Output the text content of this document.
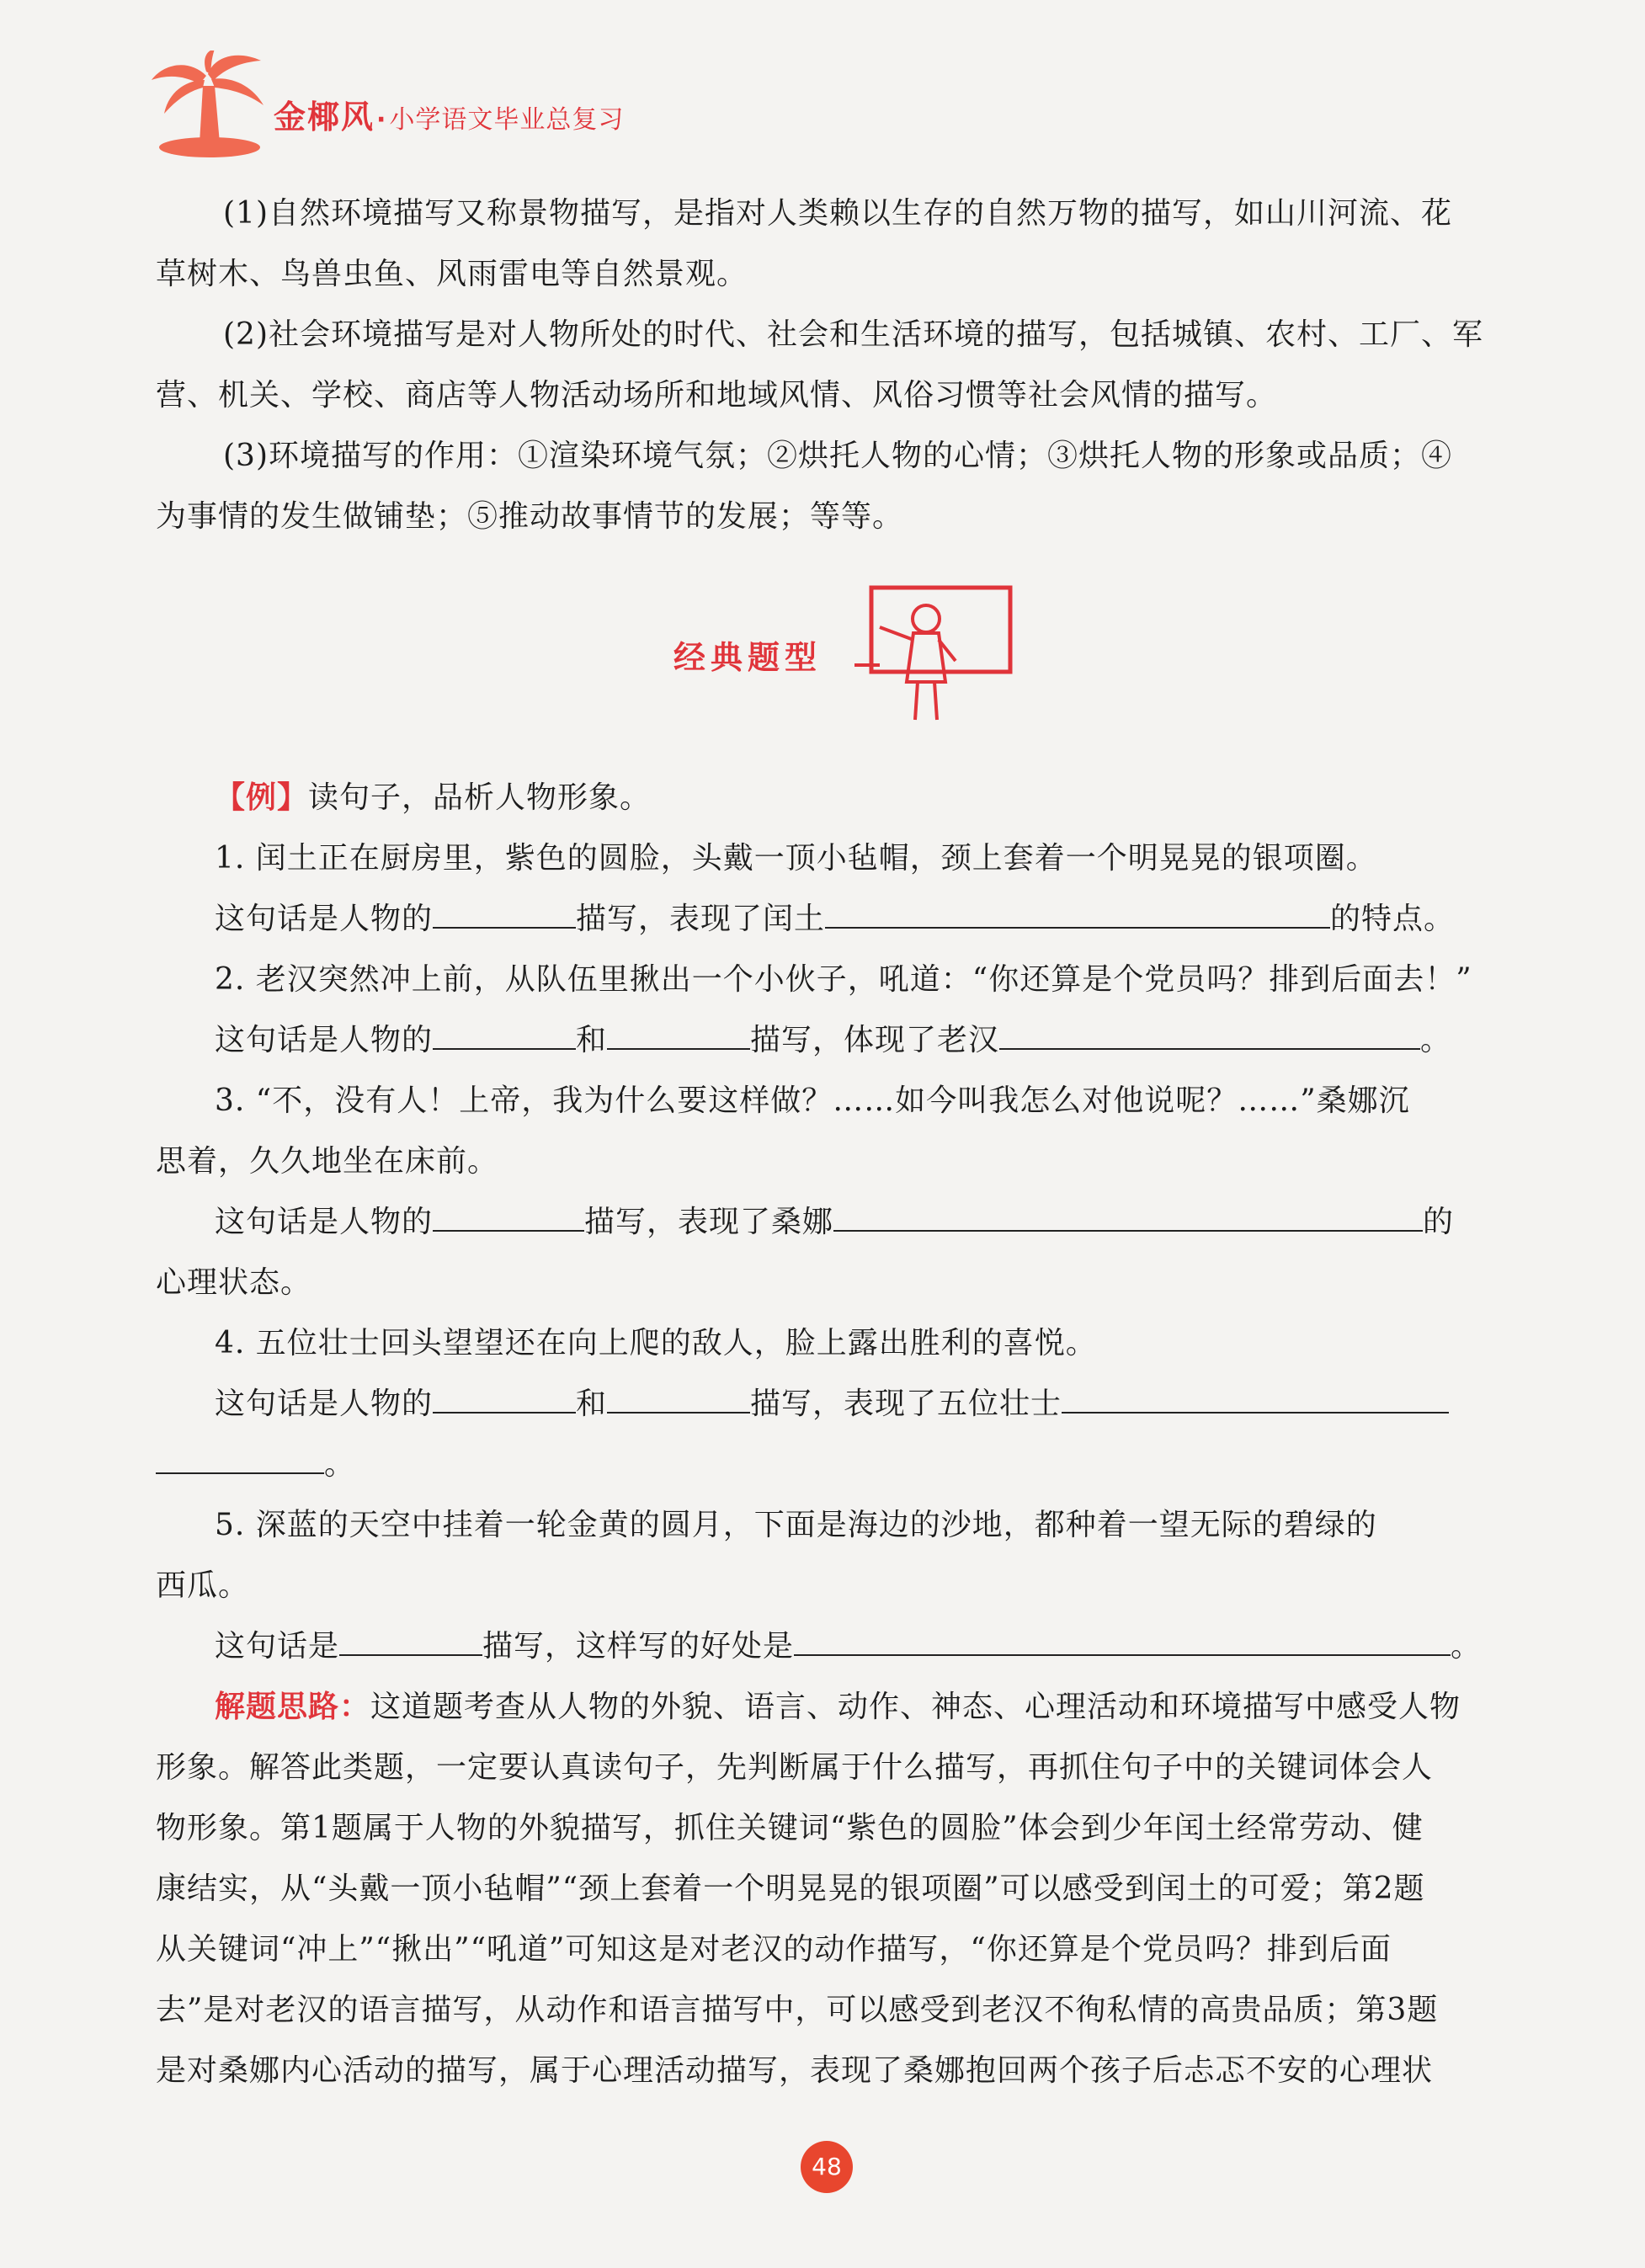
金椰风·小学语文毕业总复习
(1)自然环境描写又称景物描写，是指对人类赖以生存的自然万物的描写，如山川河流、花
草树木、鸟兽虫鱼、风雨雷电等自然景观。
(2)社会环境描写是对人物所处的时代、社会和生活环境的描写，包括城镇、农村、工厂、军
营、机关、学校、商店等人物活动场所和地域风情、风俗习惯等社会风情的描写。
(3)环境描写的作用：①渲染环境气氛；②烘托人物的心情；③烘托人物的形象或品质；④
为事情的发生做铺垫；⑤推动故事情节的发展；等等。
经典题型
【例】读句子，品析人物形象。
1. 闰土正在厨房里，紫色的圆脸，头戴一顶小毡帽，颈上套着一个明晃晃的银项圈。
这句话是人物的	描写，表现了闰土	的特点。
2. 老汉突然冲上前，从队伍里揪出一个小伙子，吼道：“你还算是个党员吗？排到后面去！”
这句话是人物的	和	描写，体现了老汉	。
3. “不，没有人！上帝，我为什么要这样做？……如今叫我怎么对他说呢？……”桑娜沉
思着，久久地坐在床前。
这句话是人物的	描写，表现了桑娜	的
心理状态。
4. 五位壮士回头望望还在向上爬的敌人，脸上露出胜利的喜悦。
这句话是人物的	和	描写，表现了五位壮士
。
5. 深蓝的天空中挂着一轮金黄的圆月，下面是海边的沙地，都种着一望无际的碧绿的
西瓜。
这句话是	描写，这样写的好处是	。
解题思路：这道题考查从人物的外貌、语言、动作、神态、心理活动和环境描写中感受人物
形象。解答此类题，一定要认真读句子，先判断属于什么描写，再抓住句子中的关键词体会人
物形象。第1题属于人物的外貌描写，抓住关键词“紫色的圆脸”体会到少年闰土经常劳动、健
康结实，从“头戴一顶小毡帽”“颈上套着一个明晃晃的银项圈”可以感受到闰土的可爱；第2题
从关键词“冲上”“揪出”“吼道”可知这是对老汉的动作描写，“你还算是个党员吗？排到后面
去”是对老汉的语言描写，从动作和语言描写中，可以感受到老汉不徇私情的高贵品质；第3题
是对桑娜内心活动的描写，属于心理活动描写，表现了桑娜抱回两个孩子后忐忑不安的心理状
48
